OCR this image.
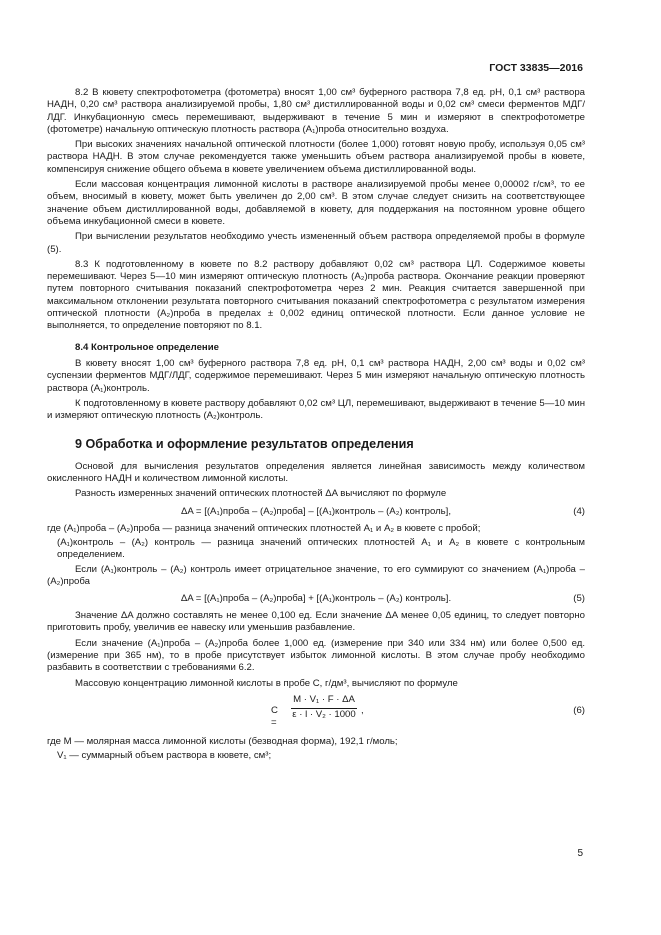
ГОСТ 33835—2016

8.2 В кювету спектрофотометра (фотометра) вносят 1,00 см³ буферного раствора 7,8 ед. рН, 0,1 см³ раствора НАДН, 0,20 см³ раствора анализируемой пробы, 1,80 см³ дистиллированной воды и 0,02 см³ смеси ферментов МДГ/ЛДГ. Инкубационную смесь перемешивают, выдерживают в течение 5 мин и измеряют в спектрофотометре (фотометре) начальную оптическую плотность раствора (A₁)проба относительно воздуха.

При высоких значениях начальной оптической плотности (более 1,000) готовят новую пробу, используя 0,05 см³ раствора НАДН. В этом случае рекомендуется также уменьшить объем раствора анализируемой пробы в кювете, компенсируя снижение общего объема в кювете увеличением объема дистиллированной воды.

Если массовая концентрация лимонной кислоты в растворе анализируемой пробы менее 0,00002 г/см³, то ее объем, вносимый в кювету, может быть увеличен до 2,00 см³. В этом случае следует снизить на соответствующее значение объем дистиллированной воды, добавляемой в кювету, для поддержания на постоянном уровне общего объема инкубационной смеси в кювете.

При вычислении результатов необходимо учесть измененный объем раствора определяемой пробы в формуле (5).

8.3 К подготовленному в кювете по 8.2 раствору добавляют 0,02 см³ раствора ЦЛ. Содержимое кюветы перемешивают. Через 5—10 мин измеряют оптическую плотность (A₂)проба раствора. Окончание реакции проверяют путем повторного считывания показаний спектрофотометра через 2 мин. Реакция считается завершенной при максимальном отклонении результата повторного считывания показаний спектрофотометра с результатом измерения оптической плотности (A₂)проба в пределах ± 0,002 единиц оптической плотности. Если данное условие не выполняется, то определение повторяют по 8.1.

8.4 Контрольное определение

В кювету вносят 1,00 см³ буферного раствора 7,8 ед. рН, 0,1 см³ раствора НАДН, 2,00 см³ воды и 0,02 см³ суспензии ферментов МДГ/ЛДГ, содержимое перемешивают. Через 5 мин измеряют начальную оптическую плотность раствора (A₁)контроль.

К подготовленному в кювете раствору добавляют 0,02 см³ ЦЛ, перемешивают, выдерживают в течение 5—10 мин и измеряют оптическую плотность (A₂)контроль.

9 Обработка и оформление результатов определения

Основой для вычисления результатов определения является линейная зависимость между количеством окисленного НАДН и количеством лимонной кислоты.

Разность измеренных значений оптических плотностей ΔA вычисляют по формуле

ΔA = [(A₁)проба – (A₂)проба] – [(A₁)контроль – (A₂) контроль],	(4)

где (A₁)проба – (A₂)проба — разница значений оптических плотностей A₁ и A₂ в кювете с пробой;

(A₁)контроль – (A₂) контроль — разница значений оптических плотностей A₁ и A₂ в кювете с контрольным определением.

Если (A₁)контроль – (A₂) контроль имеет отрицательное значение, то его суммируют со значением (A₁)проба – (A₂)проба

ΔA = [(A₁)проба – (A₂)проба] + [(A₁)контроль – (A₂) контроль].	(5)

Значение ΔA должно составлять не менее 0,100 ед. Если значение ΔA менее 0,05 единиц, то следует повторно приготовить пробу, увеличив ее навеску или уменьшив разбавление.

Если значение (A₁)проба – (A₂)проба более 1,000 ед. (измерение при 340 или 334 нм) или более 0,500 ед. (измерение при 365 нм), то в пробе присутствует избыток лимонной кислоты. В этом случае пробу необходимо разбавить в соответствии с требованиями 6.2.

Массовую концентрацию лимонной кислоты в пробе С, г/дм³, вычисляют по формуле

C =
M · V₁ · F · ΔA
ε · l · V₂ · 1000 ,	(6)

где M — молярная масса лимонной кислоты (безводная форма), 192,1 г/моль;

V₁ — суммарный объем раствора в кювете, см³;

5
